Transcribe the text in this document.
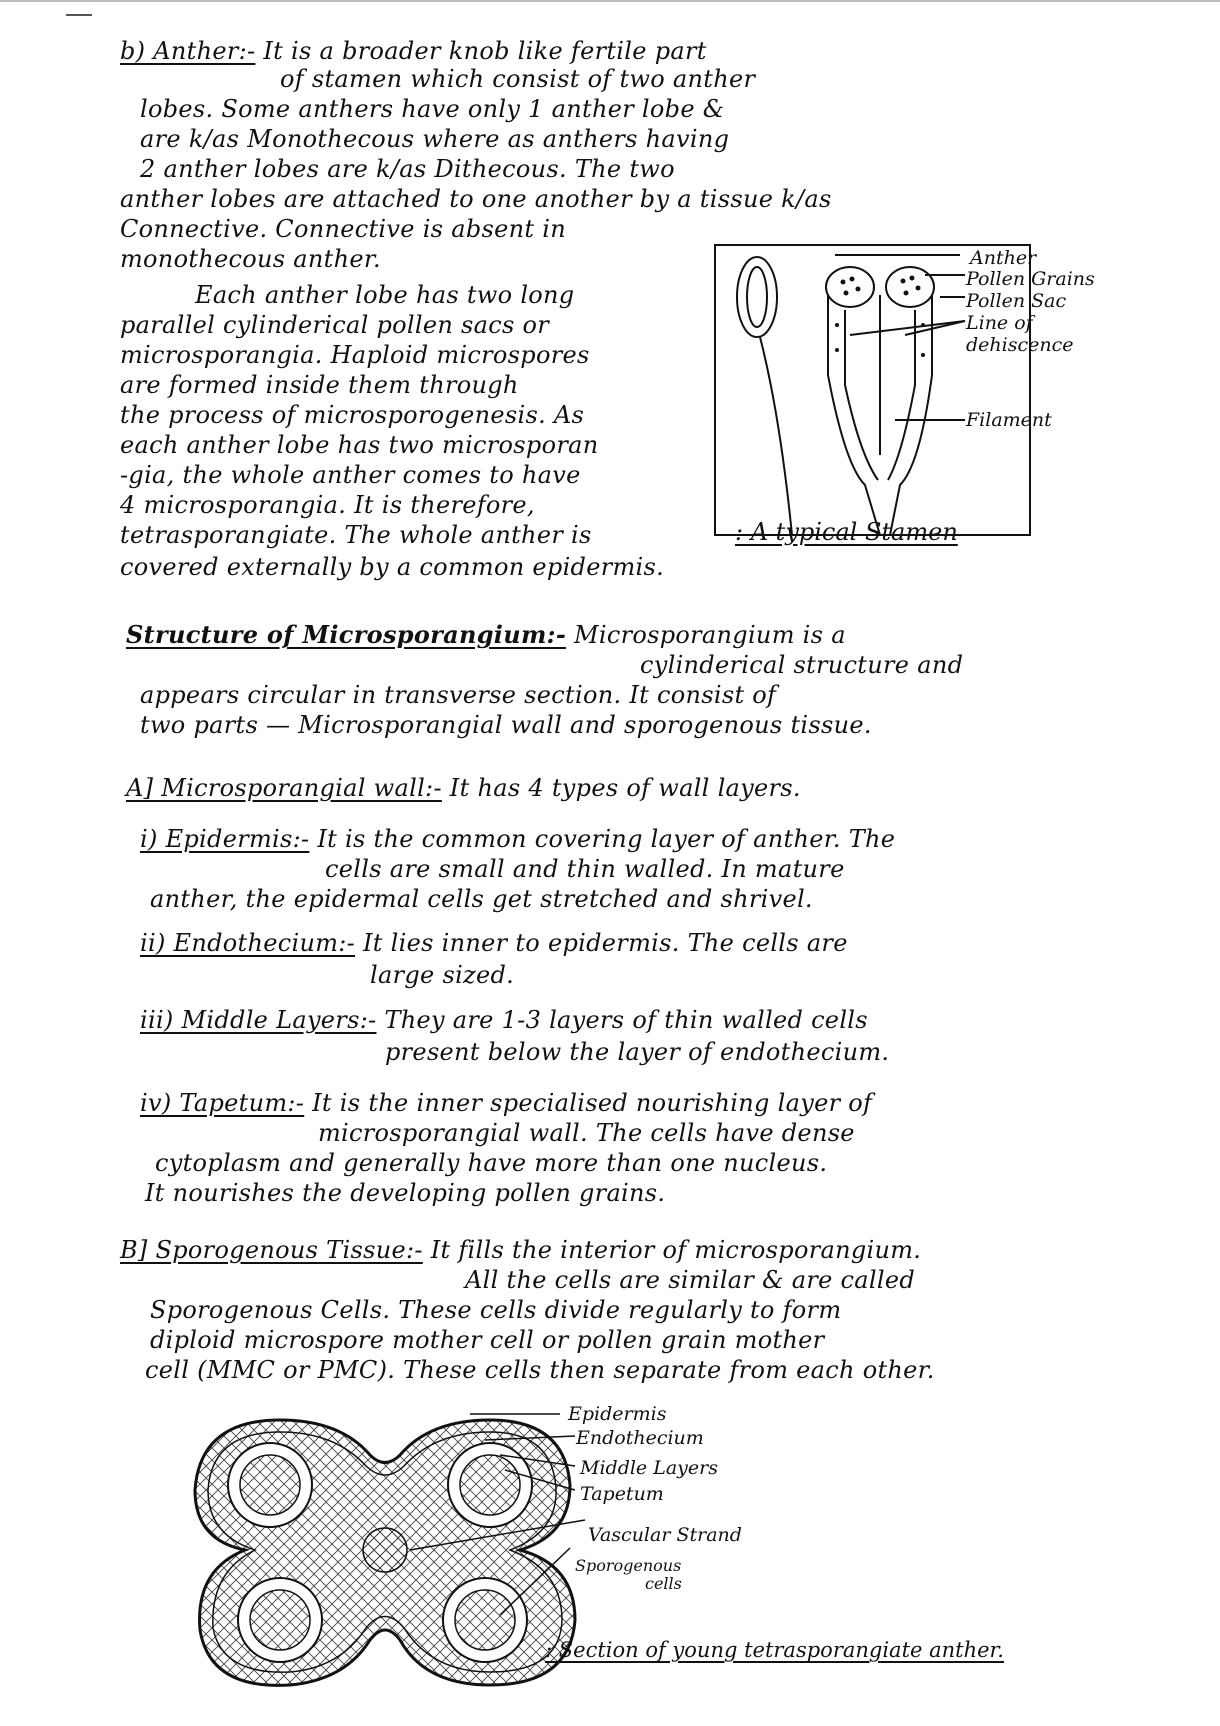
b) Anther:- It is a broader knob like fertile part
of stamen which consist of two anther
lobes. Some anthers have only 1 anther lobe &
are k/as Monothecous where as anthers having
2 anther lobes are k/as Dithecous. The two
anther lobes are attached to one another by a tissue k/as
Connective. Connective is absent in
monothecous anther.
Each anther lobe has two long
parallel cylinderical pollen sacs or
microsporangia. Haploid microspores
are formed inside them through
the process of microsporogenesis. As
each anther lobe has two microsporan
-gia, the whole anther comes to have
4 microsporangia. It is therefore,
tetrasporangiate. The whole anther is
covered externally by a common epidermis.
Anther
Pollen Grains
Pollen Sac
Line of
dehiscence
Filament
: A typical Stamen
Structure of Microsporangium:- Microsporangium is a
cylinderical structure and
appears circular in transverse section. It consist of
two parts — Microsporangial wall and sporogenous tissue.
A] Microsporangial wall:- It has 4 types of wall layers.
i) Epidermis:- It is the common covering layer of anther. The
cells are small and thin walled. In mature
anther, the epidermal cells get stretched and shrivel.
ii) Endothecium:- It lies inner to epidermis. The cells are
large sized.
iii) Middle Layers:- They are 1-3 layers of thin walled cells
present below the layer of endothecium.
iv) Tapetum:- It is the inner specialised nourishing layer of
microsporangial wall. The cells have dense
cytoplasm and generally have more than one nucleus.
It nourishes the developing pollen grains.
B] Sporogenous Tissue:- It fills the interior of microsporangium.
All the cells are similar & are called
Sporogenous Cells. These cells divide regularly to form
diploid microspore mother cell or pollen grain mother
cell (MMC or PMC). These cells then separate from each other.
Epidermis
Endothecium
Middle Layers
Tapetum
Vascular Strand
Sporogenous
cells
: Section of young tetrasporangiate anther.
